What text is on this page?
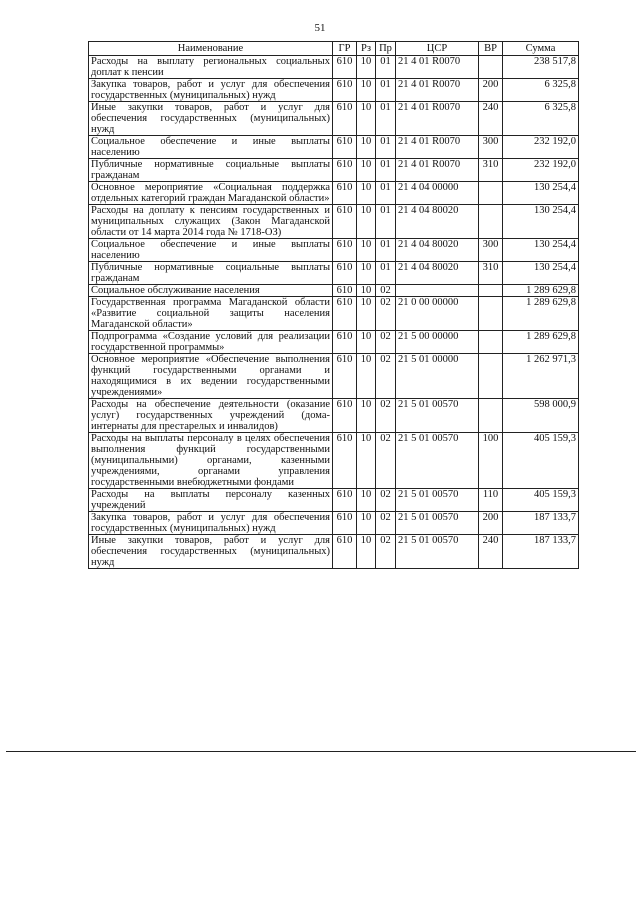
51
Наименование	ГР	Рз	Пр	ЦСР	ВР	Сумма
Расходы на выплату региональных социальных доплат к пенсии	610	10	01	21 4 01 R0070		238 517,8
Закупка товаров, работ и услуг для обеспечения государственных (муниципальных) нужд	610	10	01	21 4 01 R0070	200	6 325,8
Иные закупки товаров, работ и услуг для обеспечения государственных (муниципальных) нужд	610	10	01	21 4 01 R0070	240	6 325,8
Социальное обеспечение и иные выплаты населению	610	10	01	21 4 01 R0070	300	232 192,0
Публичные нормативные социальные выплаты гражданам	610	10	01	21 4 01 R0070	310	232 192,0
Основное мероприятие «Социальная поддержка отдельных категорий граждан Магаданской области»	610	10	01	21 4 04 00000		130 254,4
Расходы на доплату к пенсиям государственных и муниципальных служащих (Закон Магаданской области от 14 марта 2014 года № 1718-ОЗ)	610	10	01	21 4 04 80020		130 254,4
Социальное обеспечение и иные выплаты населению	610	10	01	21 4 04 80020	300	130 254,4
Публичные нормативные социальные выплаты гражданам	610	10	01	21 4 04 80020	310	130 254,4
Социальное обслуживание населения	610	10	02			1 289 629,8
Государственная программа Магаданской области «Развитие социальной защиты населения Магаданской области»	610	10	02	21 0 00 00000		1 289 629,8
Подпрограмма «Создание условий для реализации государственной программы»	610	10	02	21 5 00 00000		1 289 629,8
Основное мероприятие «Обеспечение выполнения функций государственными органами и находящимися в их ведении государственными учреждениями»	610	10	02	21 5 01 00000		1 262 971,3
Расходы на обеспечение деятельности (оказание услуг) государственных учреждений (дома-интернаты для престарелых и инвалидов)	610	10	02	21 5 01 00570		598 000,9
Расходы на выплаты персоналу в целях обеспечения выполнения функций государственными (муниципальными) органами, казенными учреждениями, органами управления государственными внебюджетными фондами	610	10	02	21 5 01 00570	100	405 159,3
Расходы на выплаты персоналу казенных учреждений	610	10	02	21 5 01 00570	110	405 159,3
Закупка товаров, работ и услуг для обеспечения государственных (муниципальных) нужд	610	10	02	21 5 01 00570	200	187 133,7
Иные закупки товаров, работ и услуг для обеспечения государственных (муниципальных) нужд	610	10	02	21 5 01 00570	240	187 133,7
